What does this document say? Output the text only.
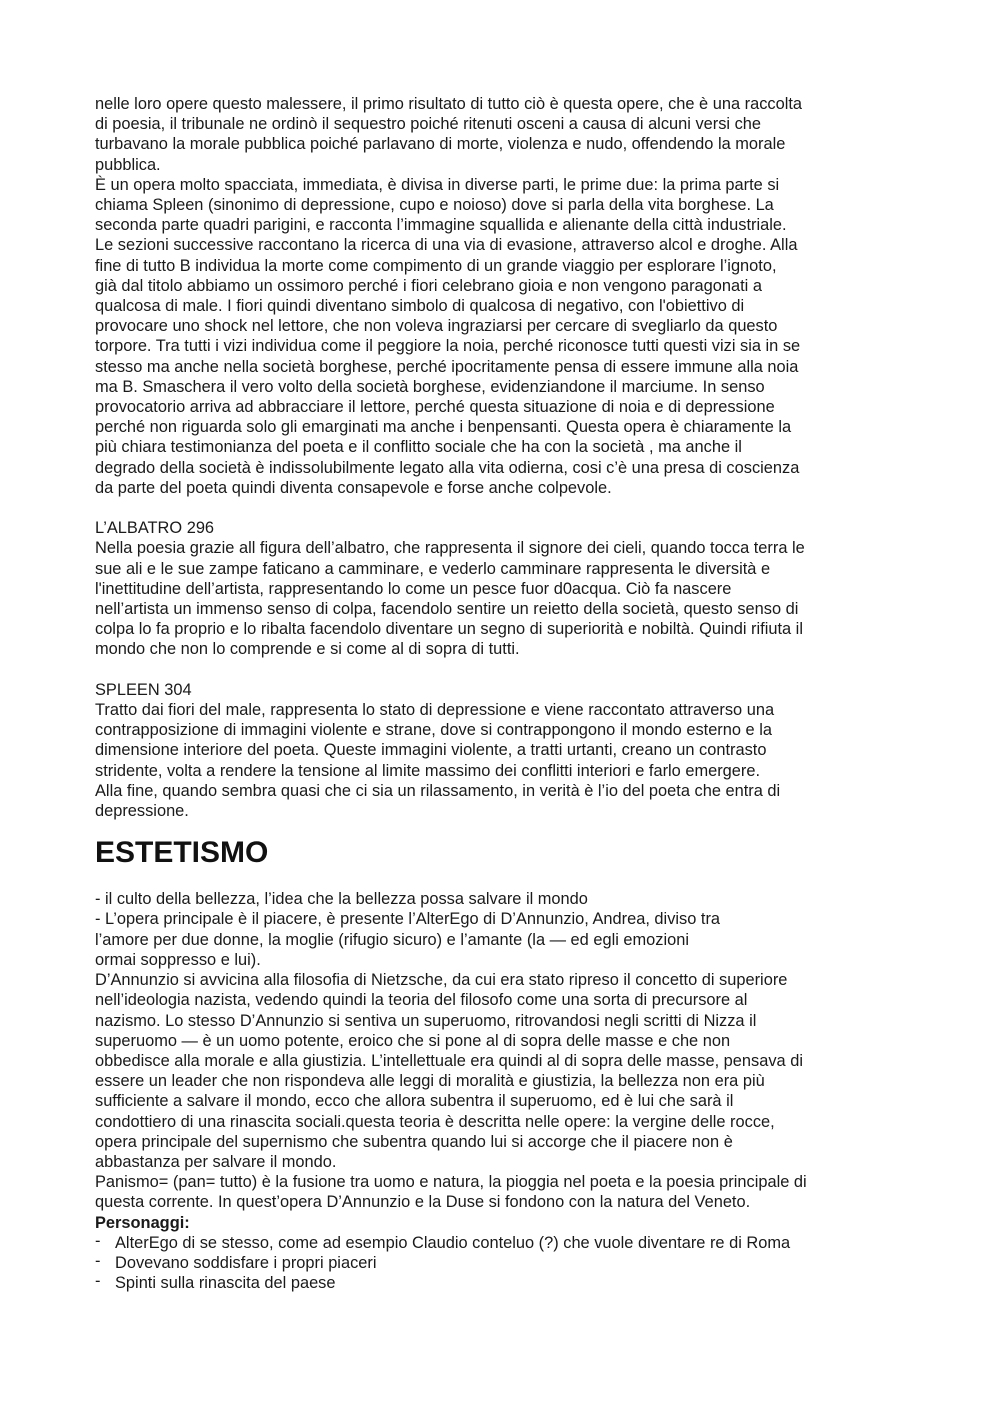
nelle loro opere questo malessere, il primo risultato di tutto ciò è questa opere, che è una raccolta
di poesia, il tribunale ne ordinò il sequestro poiché ritenuti osceni a causa di alcuni versi che
turbavano la morale pubblica poiché parlavano di morte, violenza e nudo, offendendo la morale
pubblica.
È un opera molto spacciata, immediata, è divisa in diverse parti, le prime due: la prima parte si
chiama Spleen (sinonimo di depressione, cupo e noioso) dove si parla della vita borghese. La
seconda parte quadri parigini, e racconta l’immagine squallida e alienante della città industriale.
Le sezioni successive raccontano la ricerca di una via di evasione, attraverso alcol e droghe. Alla
fine di tutto B individua la morte come compimento di un grande viaggio per esplorare l’ignoto,
già dal titolo abbiamo un ossimoro perché i fiori celebrano gioia e non vengono paragonati a
qualcosa di male. I fiori quindi diventano simbolo di qualcosa di negativo, con l'obiettivo di
provocare uno shock nel lettore, che non voleva ingraziarsi per cercare di svegliarlo da questo
torpore. Tra tutti i vizi individua come il peggiore la noia, perché riconosce tutti questi vizi sia in se
stesso ma anche nella società borghese, perché ipocritamente pensa di essere immune alla noia
ma B. Smaschera il vero volto della società borghese, evidenziandone il marciume. In senso
provocatorio arriva ad abbracciare il lettore, perché questa situazione di noia e di depressione
perché non riguarda solo gli emarginati ma anche i benpensanti. Questa opera è chiaramente la
più chiara testimonianza del poeta e il conflitto sociale che ha con la società , ma anche il
degrado della società è indissolubilmente legato alla vita odierna, cosi c’è una presa di coscienza
da parte del poeta quindi diventa consapevole e forse anche colpevole.

L’ALBATRO 296

Nella poesia grazie all figura dell’albatro, che rappresenta il signore dei cieli, quando tocca terra le
sue ali e le sue zampe faticano a camminare, e vederlo camminare rappresenta le diversità e
l'inettitudine dell’artista, rappresentando lo come un pesce fuor d0acqua. Ciò fa nascere
nell’artista un immenso senso di colpa, facendolo sentire un reietto della società, questo senso di
colpa lo fa proprio e lo ribalta facendolo diventare un segno di superiorità e nobiltà. Quindi rifiuta il
mondo che non lo comprende e si come al di sopra di tutti.

SPLEEN 304

Tratto dai fiori del male, rappresenta lo stato di depressione e viene raccontato attraverso una
contrapposizione di immagini violente e strane, dove si contrappongono il mondo esterno e la
dimensione interiore del poeta. Queste immagini violente, a tratti urtanti, creano un contrasto
stridente, volta a rendere la tensione al limite massimo dei conflitti interiori e farlo emergere.
Alla fine, quando sembra quasi che ci sia un rilassamento, in verità è l’io del poeta che entra di
depressione.

ESTETISMO

- il culto della bellezza, l’idea che la bellezza possa salvare il mondo
- L’opera principale è il piacere, è presente l’AlterEgo di D’Annunzio, Andrea, diviso tra
l’amore per due donne, la moglie (rifugio sicuro) e l’amante (la — ed egli emozioni
ormai soppresso e lui).
D’Annunzio si avvicina alla filosofia di Nietzsche, da cui era stato ripreso il concetto di superiore
nell’ideologia nazista, vedendo quindi la teoria del filosofo come una sorta di precursore al
nazismo. Lo stesso D’Annunzio si sentiva un superuomo, ritrovandosi negli scritti di Nizza il
superuomo — è un uomo potente, eroico che si pone al di sopra delle masse e che non
obbedisce alla morale e alla giustizia. L’intellettuale era quindi al di sopra delle masse, pensava di
essere un leader che non rispondeva alle leggi di moralità e giustizia, la bellezza non era più
sufficiente a salvare il mondo, ecco che allora subentra il superuomo, ed è lui che sarà il
condottiero di una rinascita sociali.questa teoria è descritta nelle opere: la vergine delle rocce,
opera principale del supernismo che subentra quando lui si accorge che il piacere non è
abbastanza per salvare il mondo.
Panismo= (pan= tutto) è la fusione tra uomo e natura, la pioggia nel poeta e la poesia principale di
questa corrente. In quest’opera D’Annunzio e la Duse si fondono con la natura del Veneto.

Personaggi:

- AlterEgo di se stesso, come ad esempio Claudio conteluo (?) che vuole diventare re di Roma
- Dovevano soddisfare i propri piaceri
- Spinti sulla rinascita del paese
